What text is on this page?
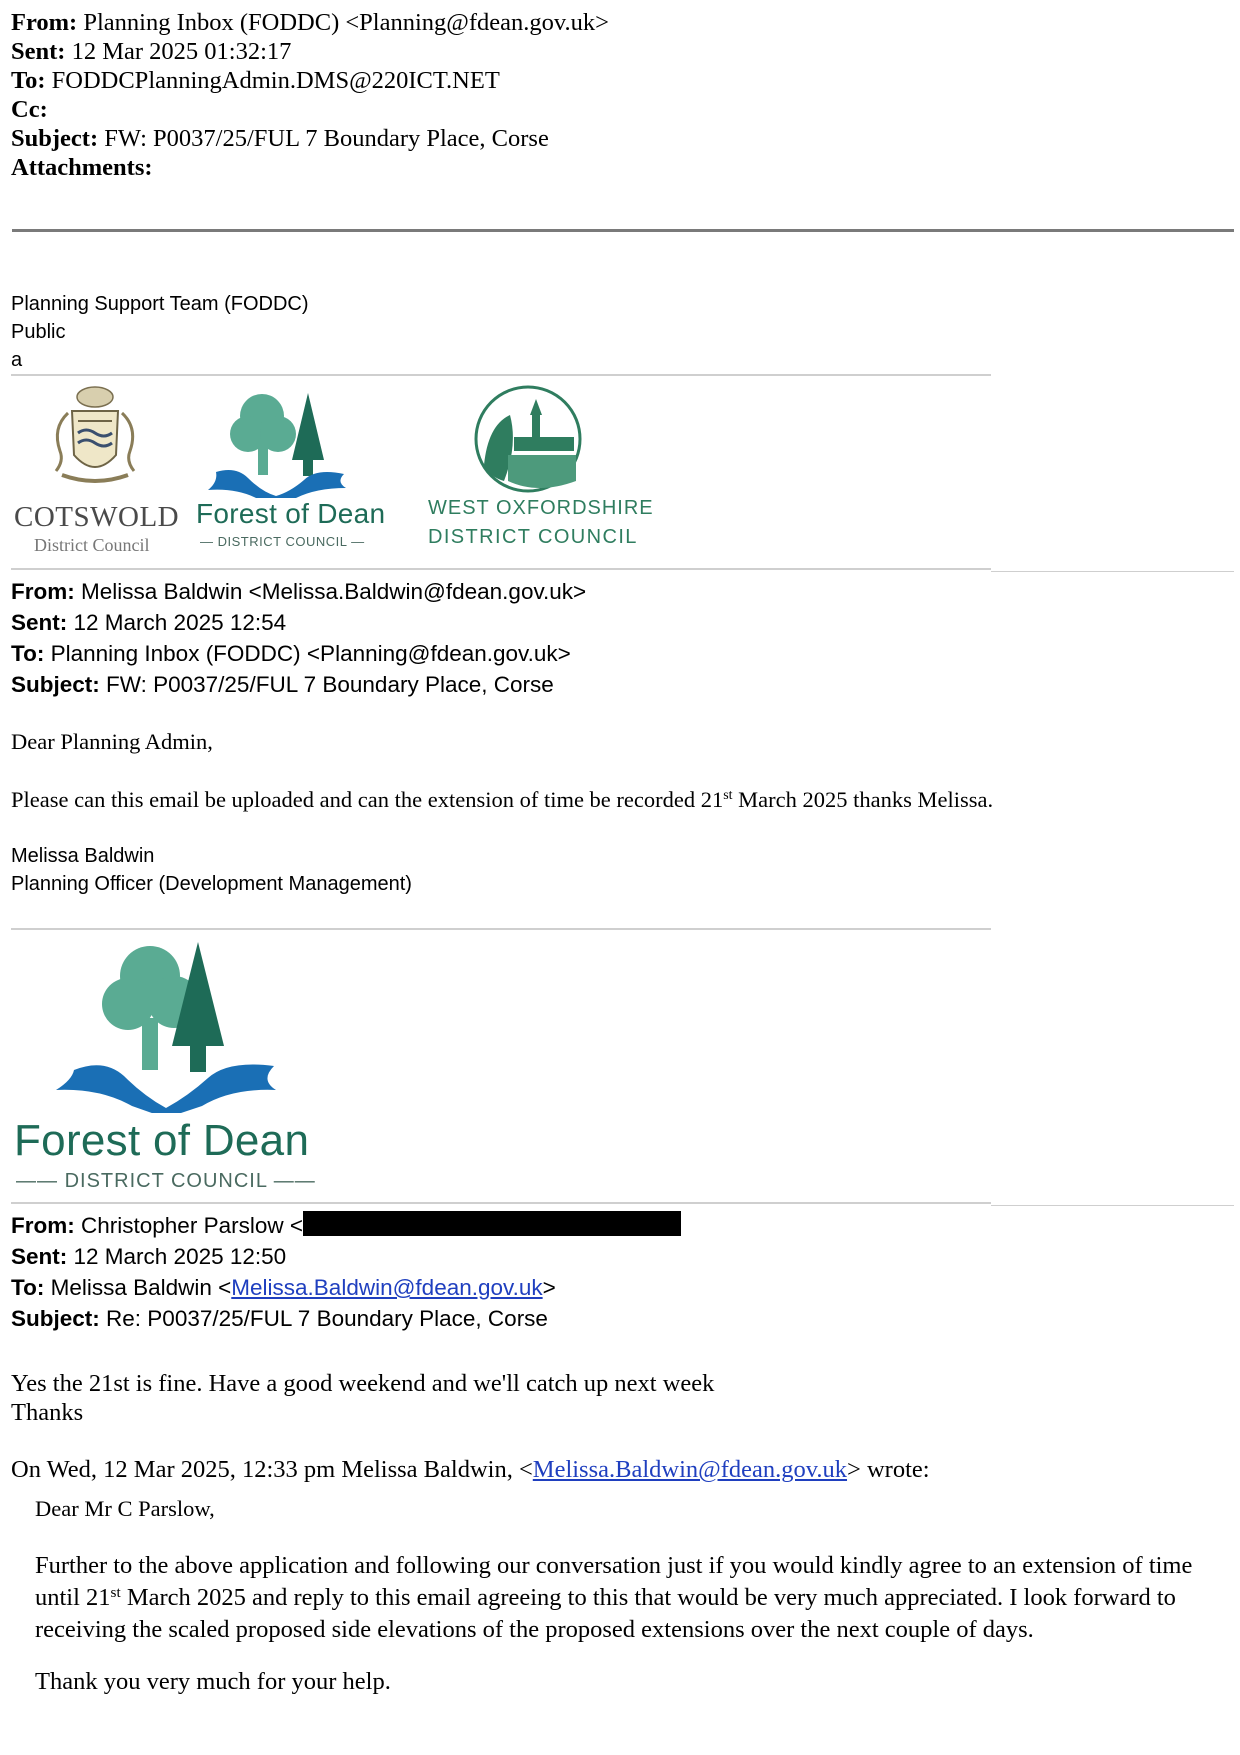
From: Planning Inbox (FODDC) <Planning@fdean.gov.uk>
Sent: 12 Mar 2025 01:32:17
To: FODDCPlanningAdmin.DMS@220ICT.NET
Cc:
Subject: FW: P0037/25/FUL 7 Boundary Place, Corse
Attachments:
Planning Support Team (FODDC)
Public
a
COTSWOLD
District Council
Forest of Dean
— DISTRICT COUNCIL —
WEST OXFORDSHIRE
DISTRICT COUNCIL
From: Melissa Baldwin <Melissa.Baldwin@fdean.gov.uk>
Sent: 12 March 2025 12:54
To: Planning Inbox (FODDC) <Planning@fdean.gov.uk>
Subject: FW: P0037/25/FUL 7 Boundary Place, Corse
Dear Planning Admin,
Please can this email be uploaded and can the extension of time be recorded 21st March 2025 thanks Melissa.
Melissa Baldwin
Planning Officer (Development Management)
Forest of Dean
—— DISTRICT COUNCIL ——
From: Christopher Parslow <
Sent: 12 March 2025 12:50
To: Melissa Baldwin <Melissa.Baldwin@fdean.gov.uk>
Subject: Re: P0037/25/FUL 7 Boundary Place, Corse
Yes the 21st is fine. Have a good weekend and we'll catch up next week
Thanks
On Wed, 12 Mar 2025, 12:33 pm Melissa Baldwin, <Melissa.Baldwin@fdean.gov.uk> wrote:
Dear Mr C Parslow,
Further to the above application and following our conversation just if you would kindly agree to an extension of time until 21st March 2025 and reply to this email agreeing to this that would be very much appreciated. I look forward to receiving the scaled proposed side elevations of the proposed extensions over the next couple of days.
Thank you very much for your help.
